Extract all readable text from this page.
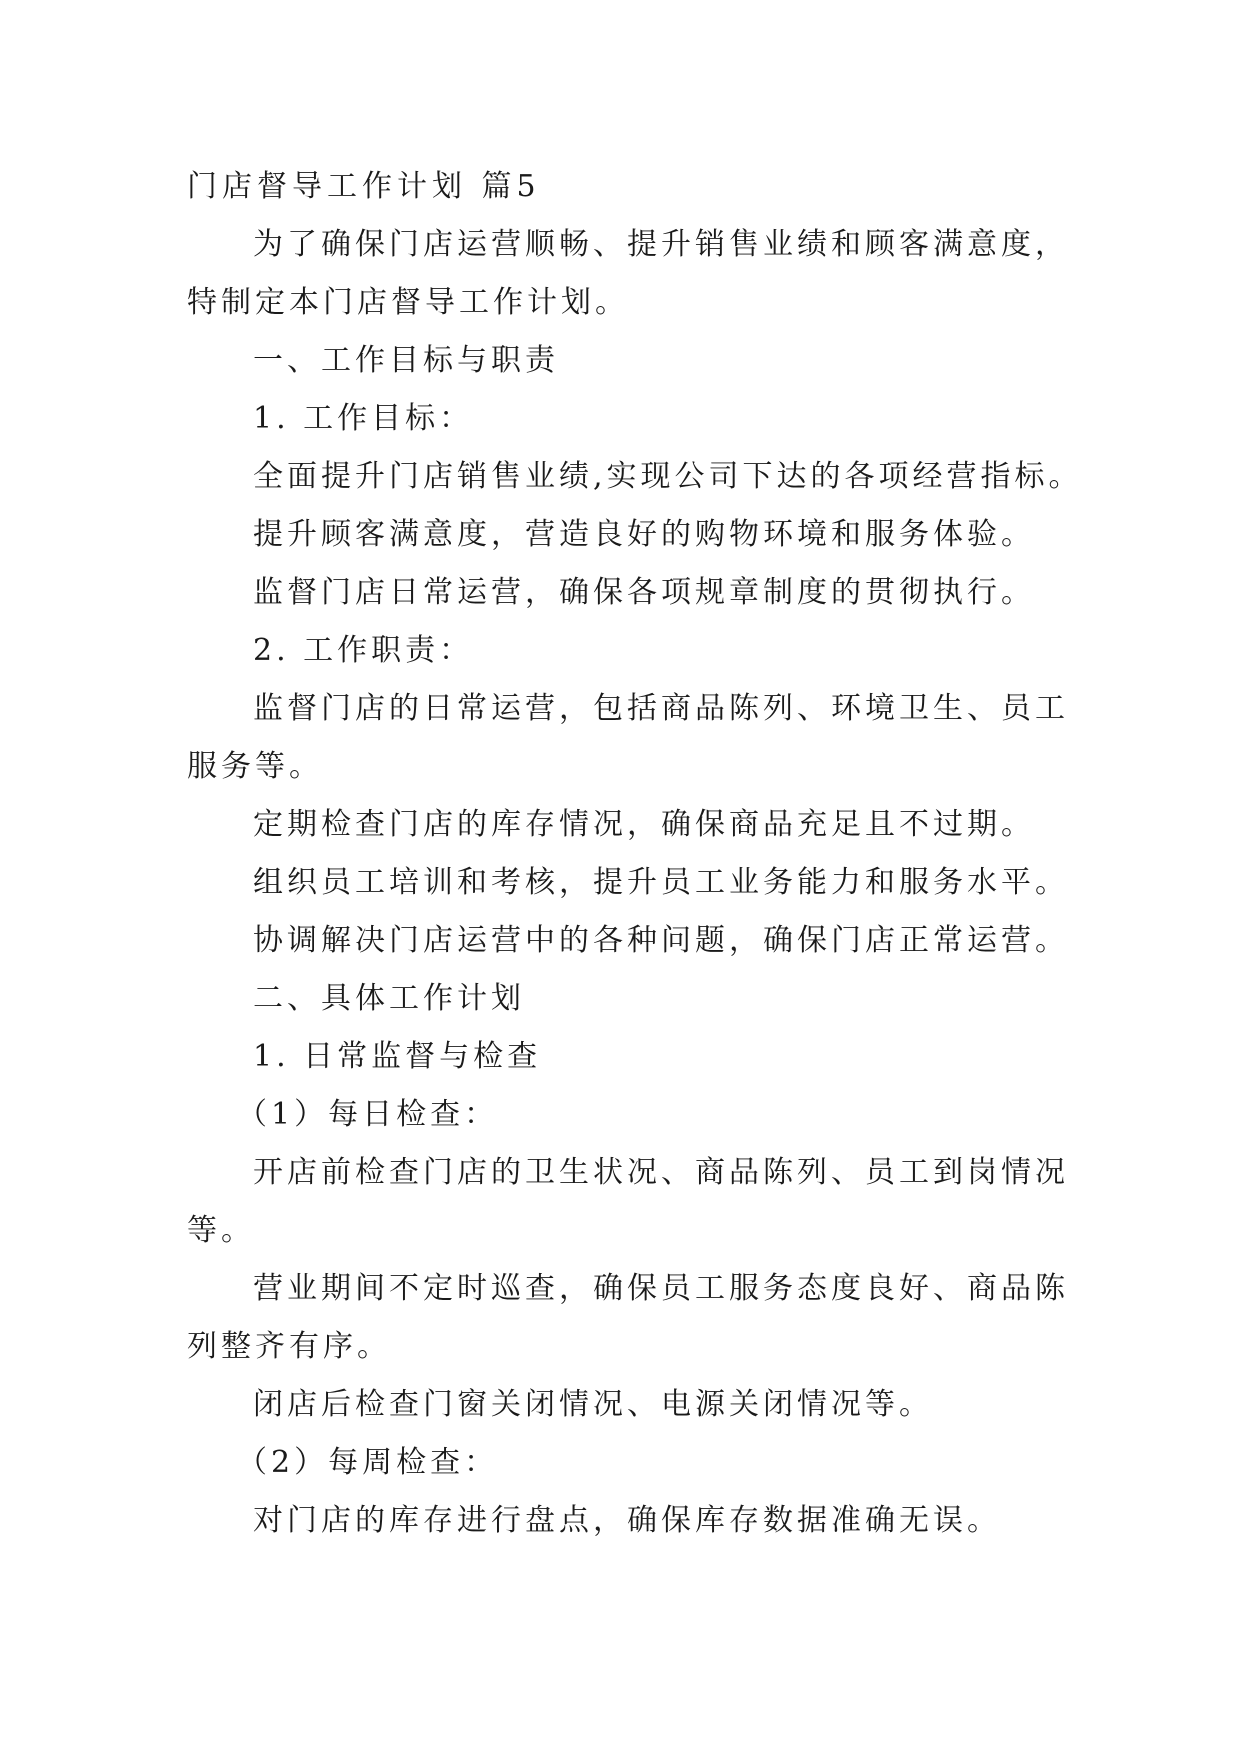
门店督导工作计划 篇5
为了确保门店运营顺畅、提升销售业绩和顾客满意度，
特制定本门店督导工作计划。
一、工作目标与职责
1. 工作目标：
全面提升门店销售业绩,实现公司下达的各项经营指标。
提升顾客满意度，营造良好的购物环境和服务体验。
监督门店日常运营，确保各项规章制度的贯彻执行。
2. 工作职责：
监督门店的日常运营，包括商品陈列、环境卫生、员工
服务等。
定期检查门店的库存情况，确保商品充足且不过期。
组织员工培训和考核，提升员工业务能力和服务水平。
协调解决门店运营中的各种问题，确保门店正常运营。
二、具体工作计划
1. 日常监督与检查
（1）每日检查：
开店前检查门店的卫生状况、商品陈列、员工到岗情况
等。
营业期间不定时巡查，确保员工服务态度良好、商品陈
列整齐有序。
闭店后检查门窗关闭情况、电源关闭情况等。
（2）每周检查：
对门店的库存进行盘点，确保库存数据准确无误。
